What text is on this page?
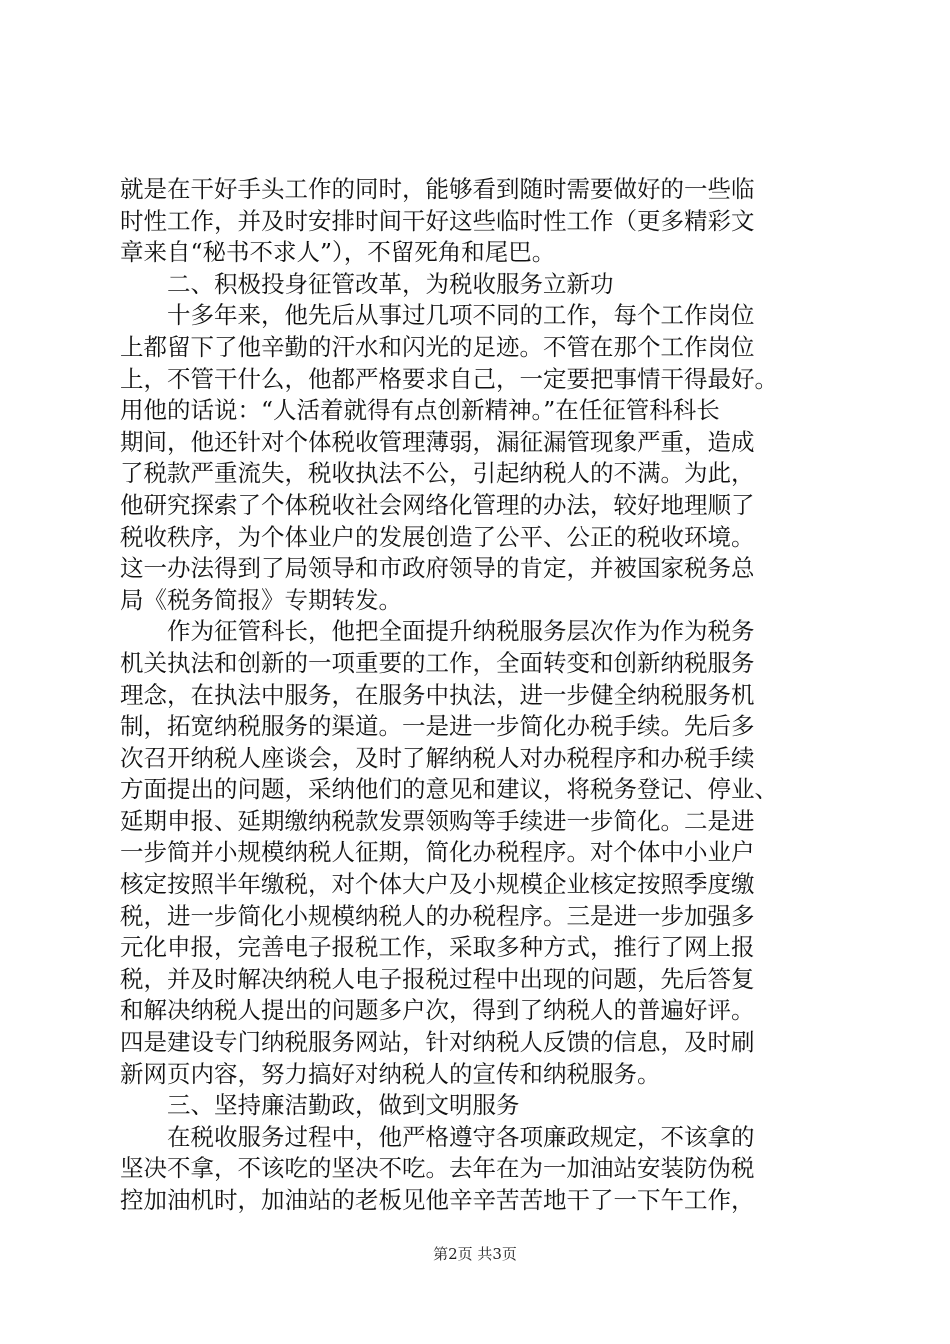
就是在干好手头工作的同时，能够看到随时需要做好的一些临
时性工作，并及时安排时间干好这些临时性工作（更多精彩文
章来自“秘书不求人”），不留死角和尾巴。
　　二、积极投身征管改革，为税收服务立新功
　　十多年来，他先后从事过几项不同的工作，每个工作岗位
上都留下了他辛勤的汗水和闪光的足迹。不管在那个工作岗位
上，不管干什么，他都严格要求自己，一定要把事情干得最好。
用他的话说：“人活着就得有点创新精神。”在任征管科科长
期间，他还针对个体税收管理薄弱，漏征漏管现象严重，造成
了税款严重流失，税收执法不公，引起纳税人的不满。为此，
他研究探索了个体税收社会网络化管理的办法，较好地理顺了
税收秩序，为个体业户的发展创造了公平、公正的税收环境。
这一办法得到了局领导和市政府领导的肯定，并被国家税务总
局《税务简报》专期转发。
　　作为征管科长，他把全面提升纳税服务层次作为作为税务
机关执法和创新的一项重要的工作，全面转变和创新纳税服务
理念，在执法中服务，在服务中执法，进一步健全纳税服务机
制，拓宽纳税服务的渠道。一是进一步简化办税手续。先后多
次召开纳税人座谈会，及时了解纳税人对办税程序和办税手续
方面提出的问题，采纳他们的意见和建议，将税务登记、停业、
延期申报、延期缴纳税款发票领购等手续进一步简化。二是进
一步简并小规模纳税人征期，简化办税程序。对个体中小业户
核定按照半年缴税，对个体大户及小规模企业核定按照季度缴
税，进一步简化小规模纳税人的办税程序。三是进一步加强多
元化申报，完善电子报税工作，采取多种方式，推行了网上报
税，并及时解决纳税人电子报税过程中出现的问题，先后答复
和解决纳税人提出的问题多户次，得到了纳税人的普遍好评。
四是建设专门纳税服务网站，针对纳税人反馈的信息，及时刷
新网页内容，努力搞好对纳税人的宣传和纳税服务。
　　三、坚持廉洁勤政，做到文明服务
　　在税收服务过程中，他严格遵守各项廉政规定，不该拿的
坚决不拿，不该吃的坚决不吃。去年在为一加油站安装防伪税
控加油机时，加油站的老板见他辛辛苦苦地干了一下午工作，
第2页 共3页
